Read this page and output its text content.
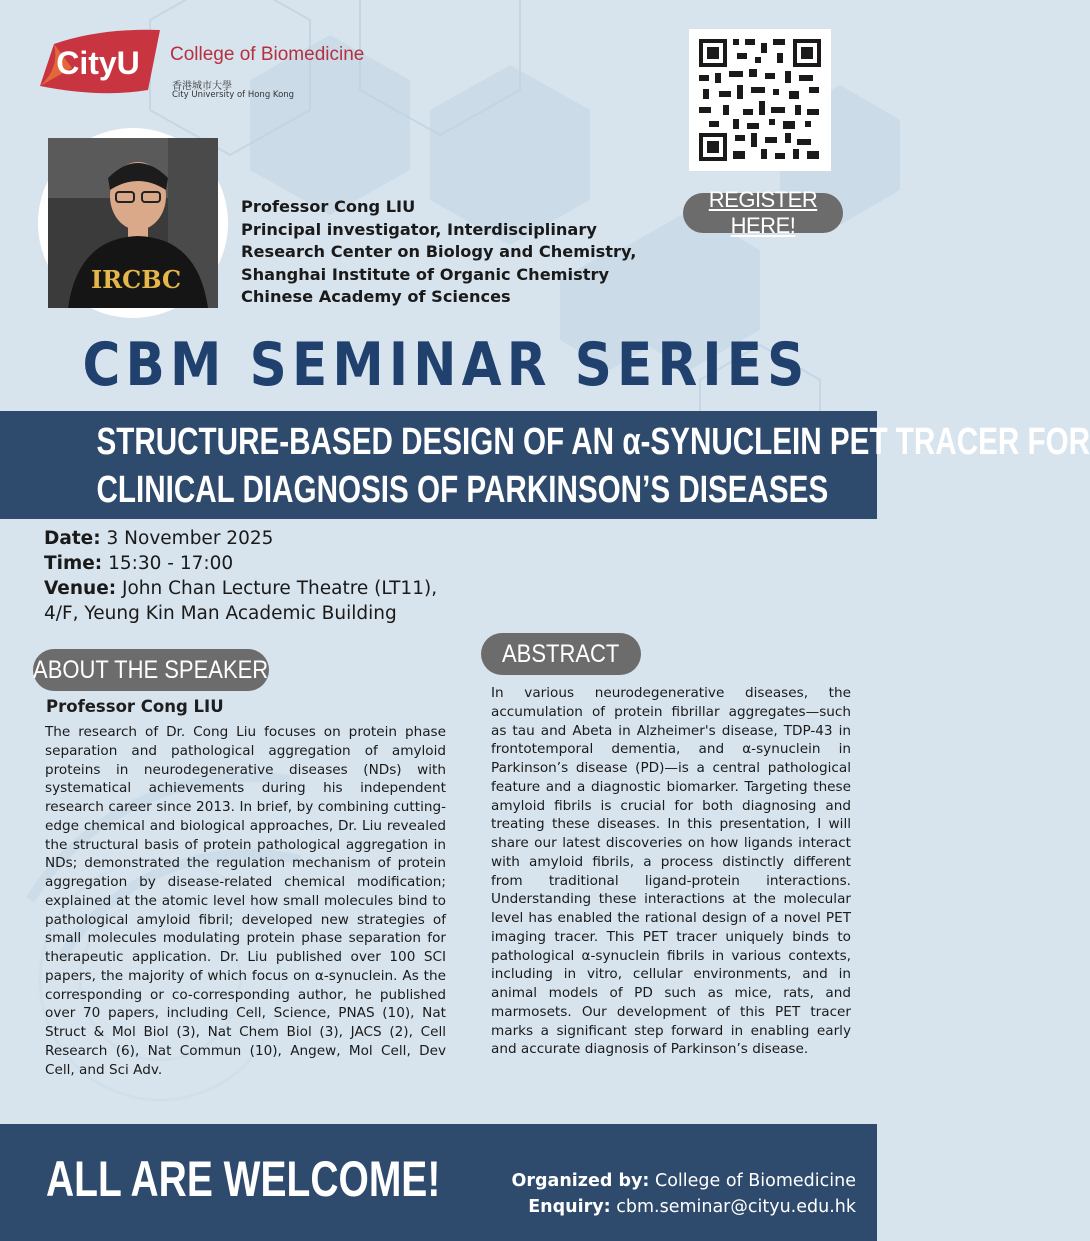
CityU College of Biomedicine
香港城市大學
City University of Hong Kong
REGISTER HERE!
IRCBC
Professor Cong LIU
Principal investigator, Interdisciplinary
Research Center on Biology and Chemistry,
Shanghai Institute of Organic Chemistry
Chinese Academy of Sciences
CBM SEMINAR SERIES
STRUCTURE-BASED DESIGN OF AN α-SYNUCLEIN PET TRACER FOR
CLINICAL DIAGNOSIS OF PARKINSON’S DISEASES
Date: 3 November 2025
Time: 15:30 - 17:00
Venue: John Chan Lecture Theatre (LT11),
4/F, Yeung Kin Man Academic Building
ABOUT THE SPEAKER
Professor Cong LIU
The research of Dr. Cong Liu focuses on protein phase separation and pathological aggregation of amyloid proteins in neurodegenerative diseases (NDs) with systematical achievements during his independent research career since 2013. In brief, by combining cutting-edge chemical and biological approaches, Dr. Liu revealed the structural basis of protein pathological aggregation in NDs; demonstrated the regulation mechanism of protein aggregation by disease-related chemical modification; explained at the atomic level how small molecules bind to pathological amyloid fibril; developed new strategies of small molecules modulating protein phase separation for therapeutic application. Dr. Liu published over 100 SCI papers, the majority of which focus on α-synuclein. As the corresponding or co-corresponding author, he published over 70 papers, including Cell, Science, PNAS (10), Nat Struct & Mol Biol (3), Nat Chem Biol (3), JACS (2), Cell Research (6), Nat Commun (10), Angew, Mol Cell, Dev Cell, and Sci Adv.
ABSTRACT
In various neurodegenerative diseases, the accumulation of protein fibrillar aggregates—such as tau and Abeta in Alzheimer's disease, TDP-43 in frontotemporal dementia, and α-synuclein in Parkinson’s disease (PD)—is a central pathological feature and a diagnostic biomarker. Targeting these amyloid fibrils is crucial for both diagnosing and treating these diseases. In this presentation, I will share our latest discoveries on how ligands interact with amyloid fibrils, a process distinctly different from traditional ligand-protein interactions. Understanding these interactions at the molecular level has enabled the rational design of a novel PET imaging tracer. This PET tracer uniquely binds to pathological α-synuclein fibrils in various contexts, including in vitro, cellular environments, and in animal models of PD such as mice, rats, and marmosets. Our development of this PET tracer marks a significant step forward in enabling early and accurate diagnosis of Parkinson’s disease.
ALL ARE WELCOME!	Organized by: College of Biomedicine
Enquiry: cbm.seminar@cityu.edu.hk
